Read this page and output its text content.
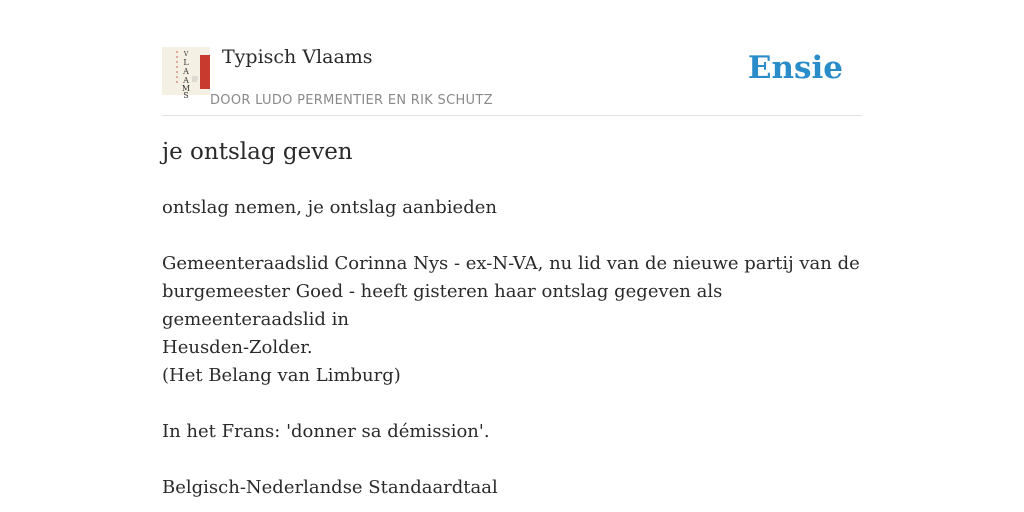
V
L
A
A
M
S
Typisch Vlaams
DOOR LUDO PERMENTIER EN RIK SCHUTZ
Ensie
je ontslag geven

ontslag nemen, je ontslag aanbieden

Gemeenteraadslid Corinna Nys - ex-N-VA, nu lid van de nieuwe partij van de

burgemeester Goed - heeft gisteren haar ontslag gegeven als gemeenteraadslid in

Heusden-Zolder.

(Het Belang van Limburg)

In het Frans: 'donner sa démission'.

Belgisch-Nederlandse Standaardtaal
